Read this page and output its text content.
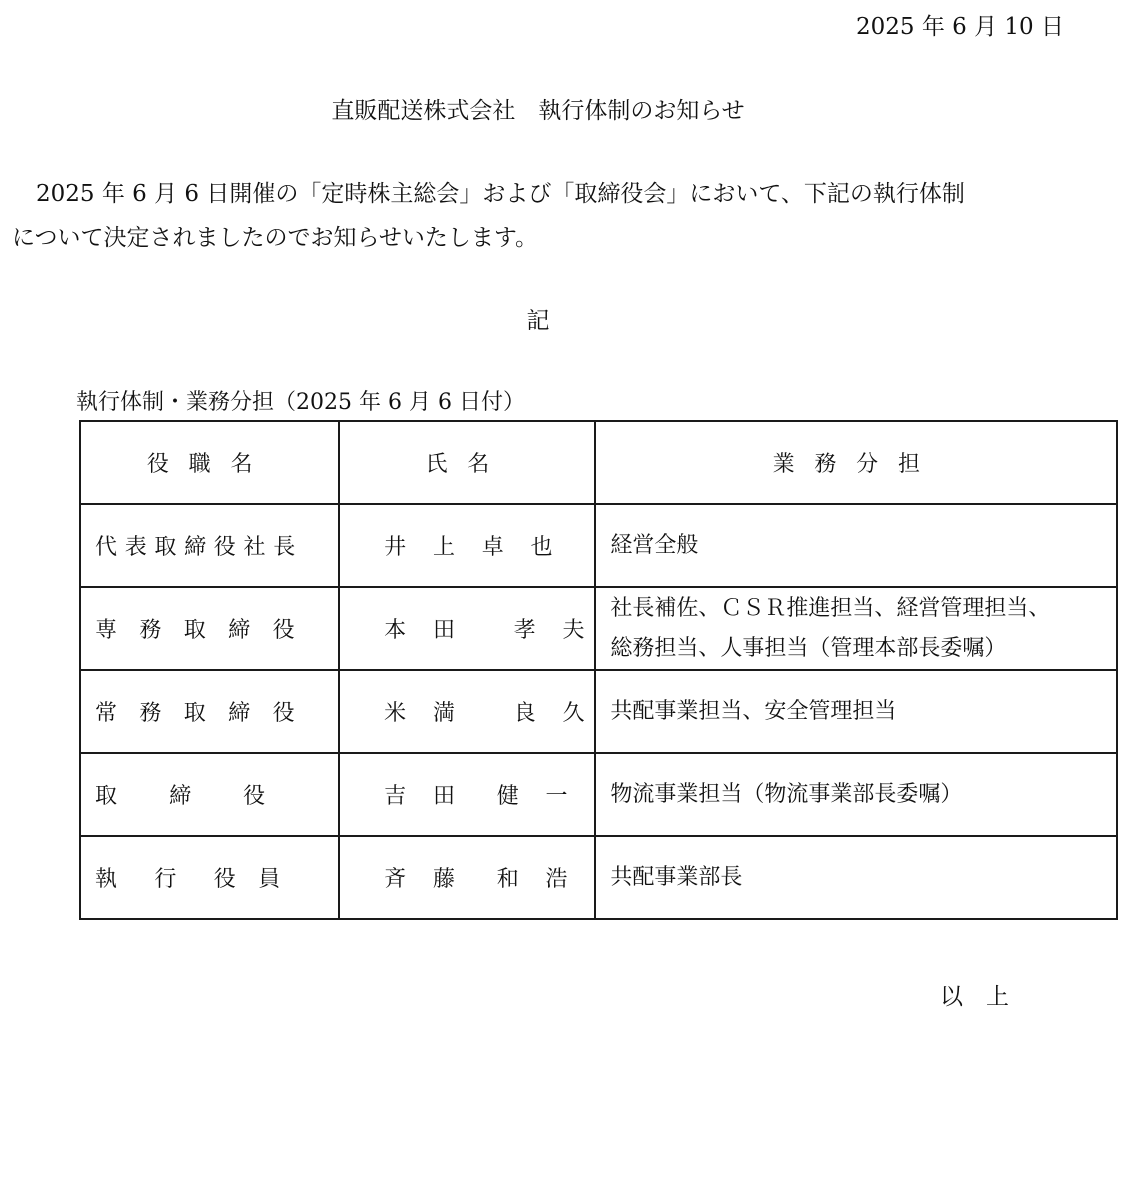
2025 年 6 月 10 日
直販配送株式会社　執行体制のお知らせ
2025 年 6 月 6 日開催の「定時株主総会」および「取締役会」において、下記の執行体制
について決定されましたのでお知らせいたします。
記
執行体制・業務分担（2025 年 6 月 6 日付）
役職名	氏名	業務分担
代表取締役社長	井 上 卓 也	経営全般

専 務 取 締 役	本 田　 孝 夫	社長補佐、ＣＳＲ推進担当、経営管理担当、
総務担当、人事担当（管理本部長委嘱）

常 務 取 締 役	米 満　 良 久	共配事業担当、安全管理担当

取　 締　 役	吉 田　健 一	物流事業担当（物流事業部長委嘱）

執　行　役 員	斉 藤　和 浩	共配事業部長
以　上
